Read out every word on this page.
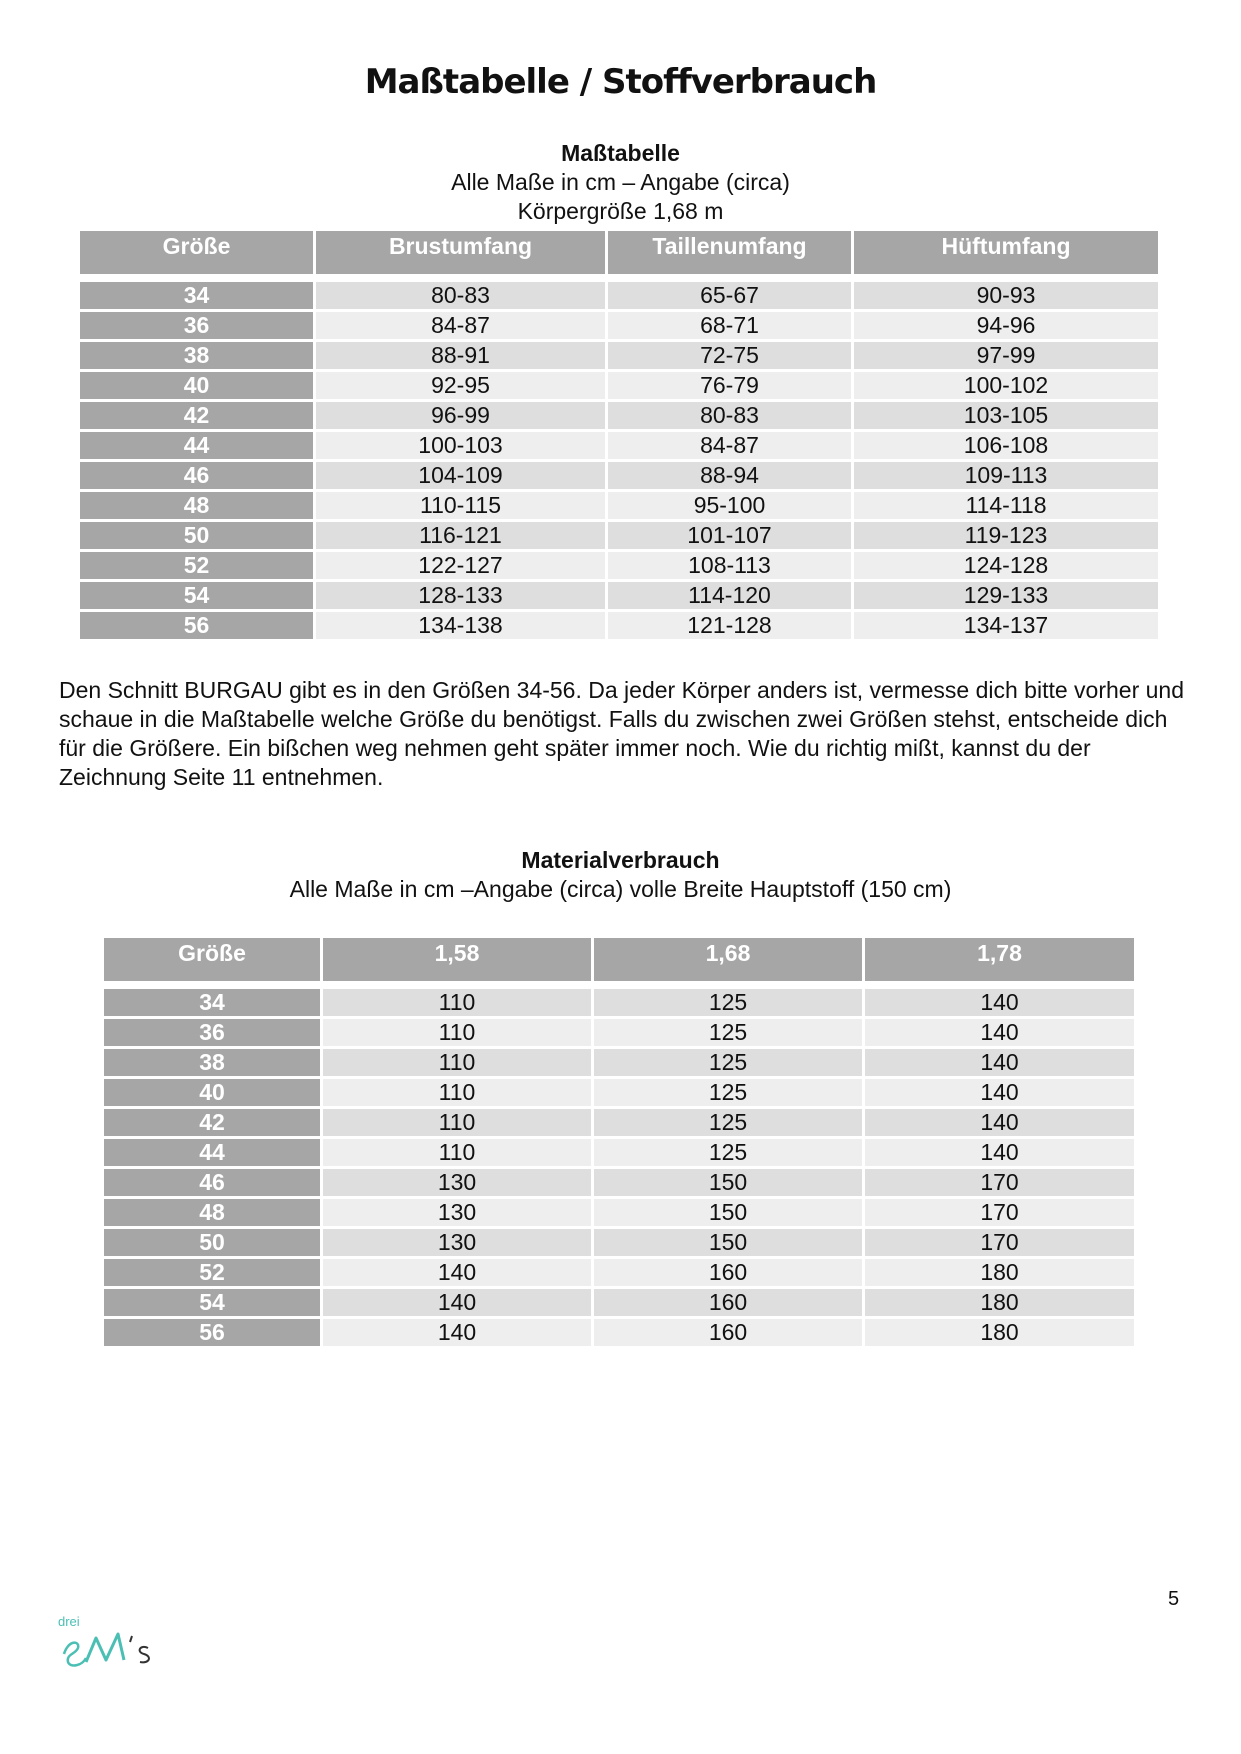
Maßtabelle / Stoffverbrauch
Maßtabelle
Alle Maße in cm – Angabe (circa)
Körpergröße 1,68 m
Größe	Brustumfang	Taillenumfang	Hüftumfang

34	80-83	65-67	90-93
36	84-87	68-71	94-96
38	88-91	72-75	97-99
40	92-95	76-79	100-102
42	96-99	80-83	103-105
44	100-103	84-87	106-108
46	104-109	88-94	109-113
48	110-115	95-100	114-118
50	116-121	101-107	119-123
52	122-127	108-113	124-128
54	128-133	114-120	129-133
56	134-138	121-128	134-137
Den Schnitt BURGAU gibt es in den Größen 34-56. Da jeder Körper anders ist, vermesse dich bitte vorher und schaue in die Maßtabelle welche Größe du benötigst. Falls du zwischen zwei Größen stehst, entscheide dich für die Größere. Ein bißchen weg nehmen geht später immer noch. Wie du richtig mißt, kannst du der Zeichnung Seite 11 entnehmen.
Materialverbrauch
Alle Maße in cm –Angabe (circa) volle Breite Hauptstoff (150 cm)
Größe	1,58	1,68	1,78

34	110	125	140
36	110	125	140
38	110	125	140
40	110	125	140
42	110	125	140
44	110	125	140
46	130	150	170
48	130	150	170
50	130	150	170
52	140	160	180
54	140	160	180
56	140	160	180
5
drei
